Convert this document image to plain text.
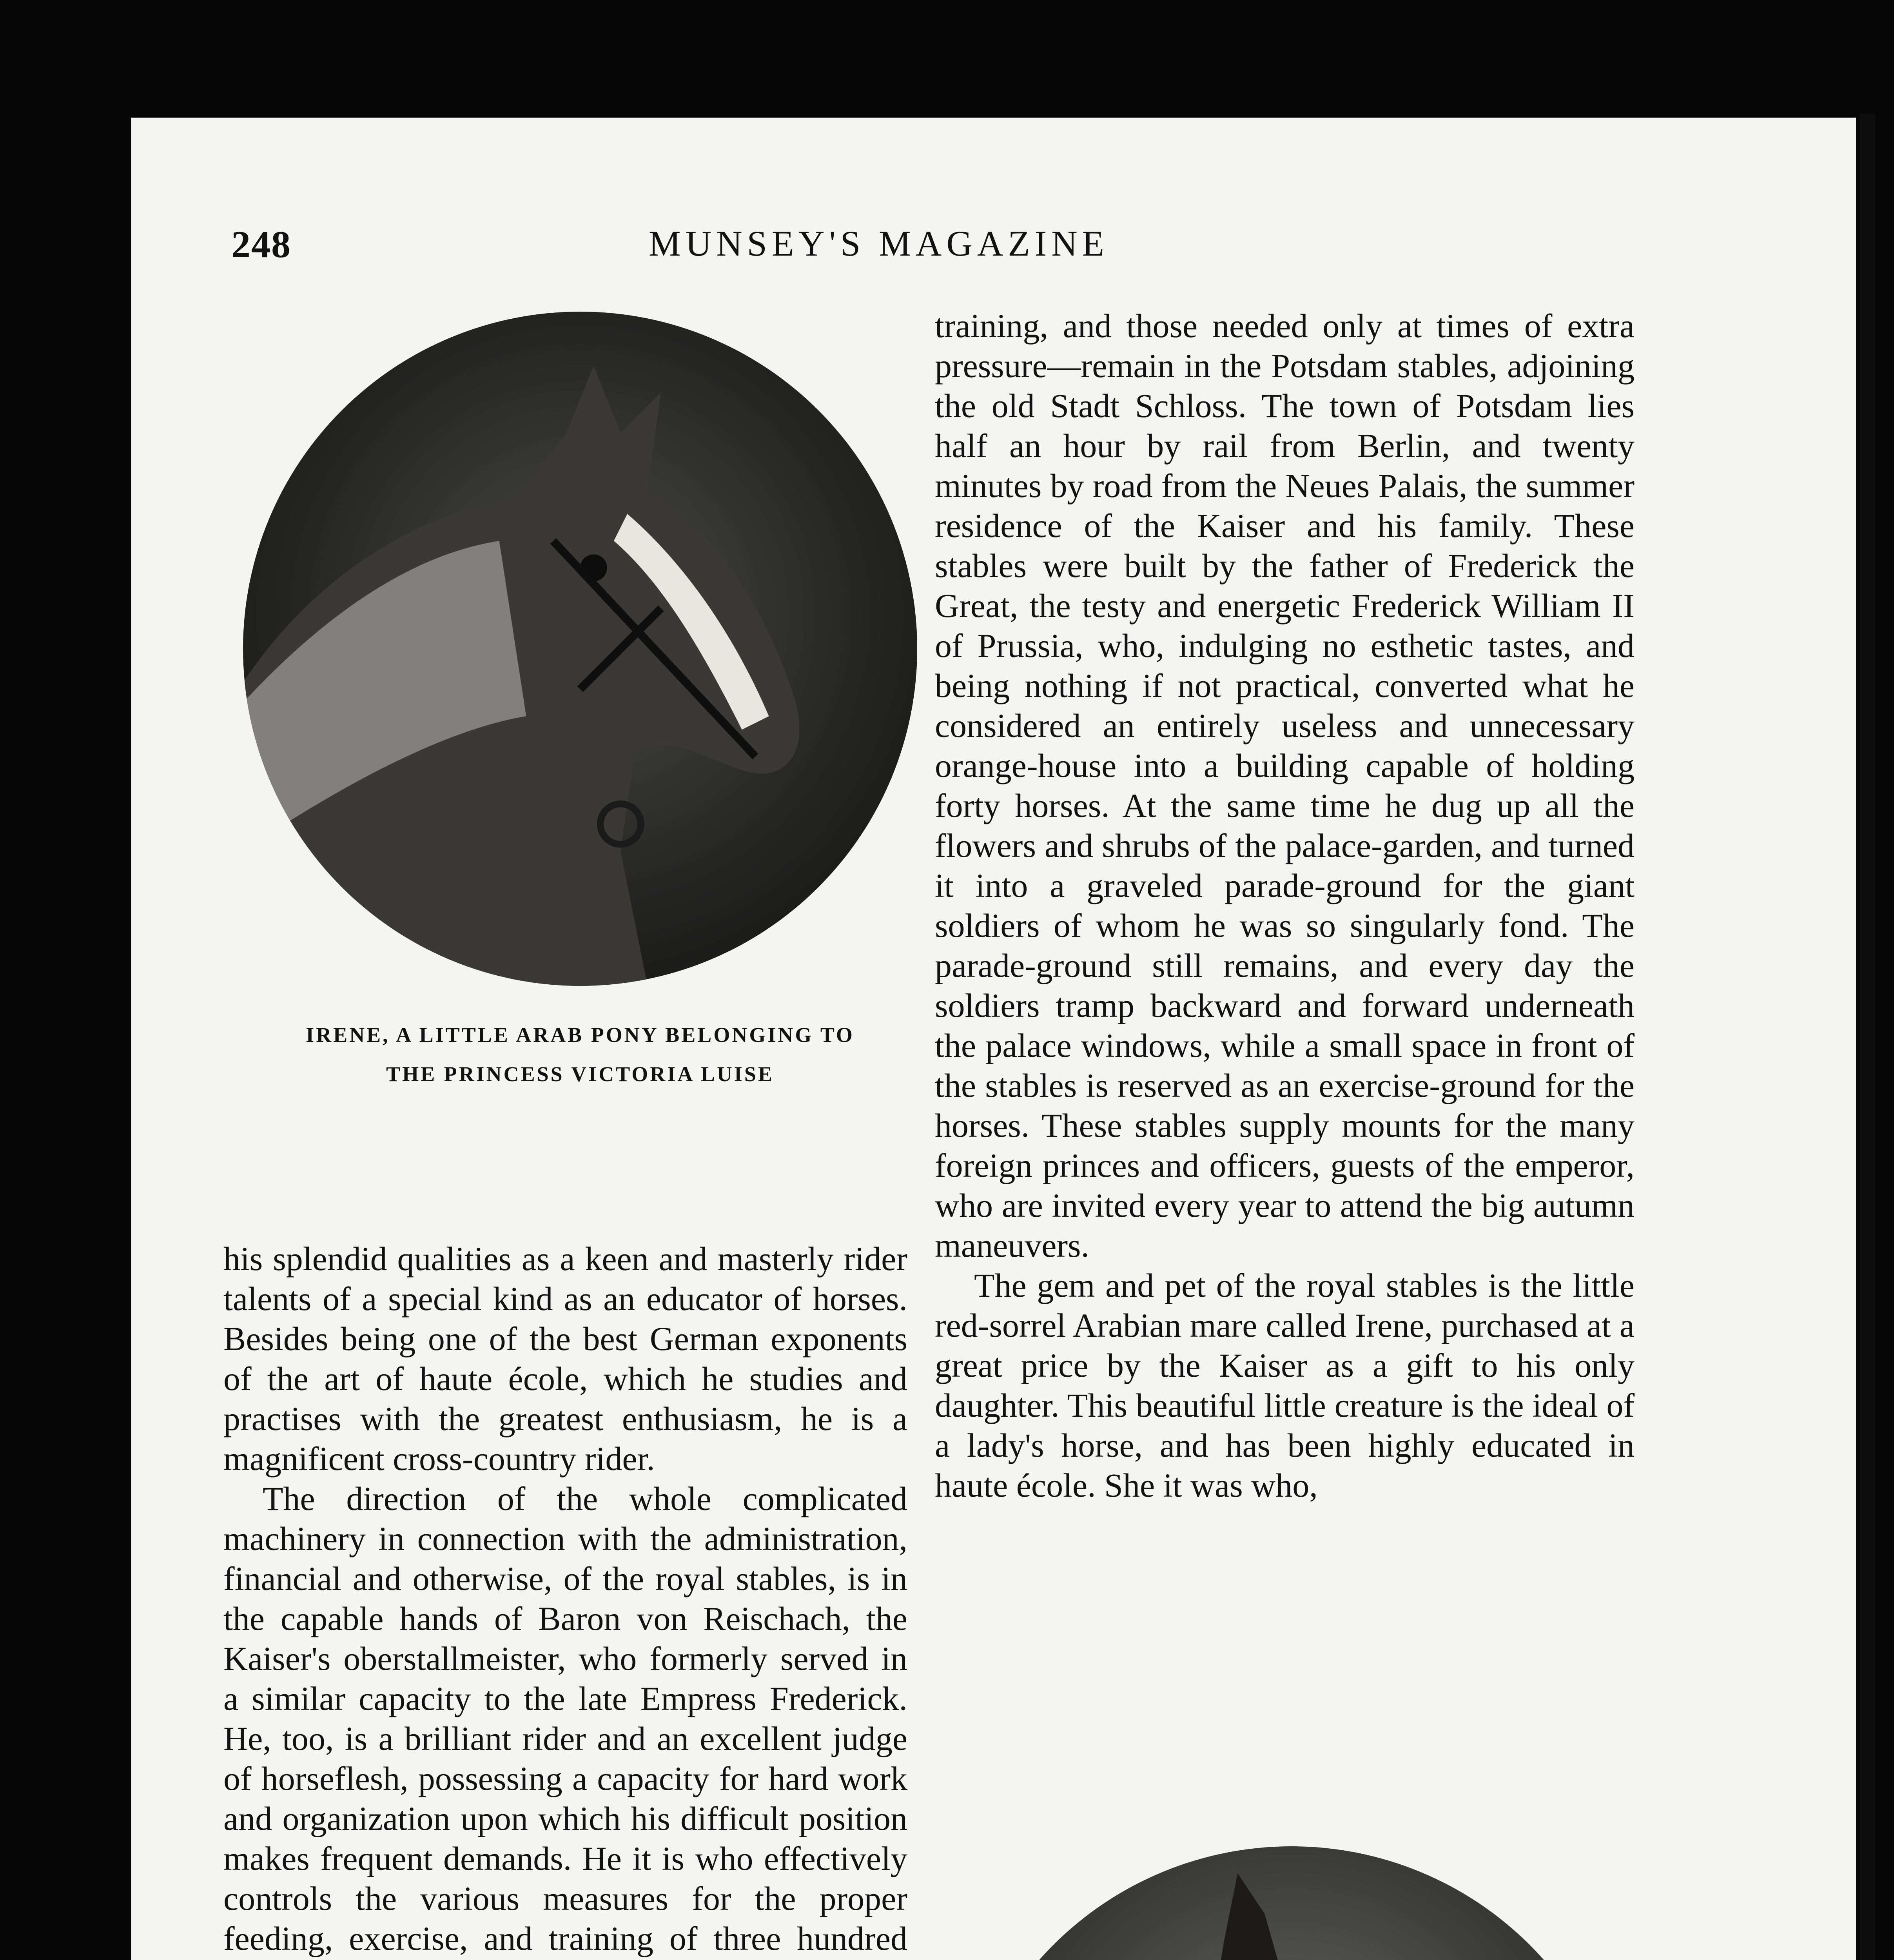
248	MUNSEY'S MAGAZINE
IRENE, A LITTLE ARAB PONY BELONGING TO
THE PRINCESS VICTORIA LUISE

his splendid qualities as a keen and masterly rider talents of a special kind as an educator of horses. Besides being one of the best German exponents of the art of haute école, which he studies and practises with the greatest enthusiasm, he is a magnificent cross-country rider.

The direction of the whole complicated machinery in connection with the administration, financial and otherwise, of the royal stables, is in the capable hands of Baron von Reischach, the Kaiser's oberstallmeister, who formerly served in a similar capacity to the late Empress Frederick. He, too, is a brilliant rider and an excellent judge of horseflesh, possessing a capacity for hard work and organization upon which his difficult position makes frequent demands. He it is who effectively controls the various measures for the proper feeding, exercise, and training of three hundred

training, and those needed only at times of extra pressure—remain in the Potsdam stables, adjoining the old Stadt Schloss. The town of Potsdam lies half an hour by rail from Berlin, and twenty minutes by road from the Neues Palais, the summer residence of the Kaiser and his family. These stables were built by the father of Frederick the Great, the testy and energetic Frederick William II of Prussia, who, indulging no esthetic tastes, and being nothing if not practical, converted what he considered an entirely useless and unnecessary orange-house into a building capable of holding forty horses. At the same time he dug up all the flowers and shrubs of the palace-garden, and turned it into a graveled parade-ground for the giant soldiers of whom he was so singularly fond. The parade-ground still remains, and every day the soldiers tramp backward and forward underneath the palace windows, while a small space in front of the stables is reserved as an exercise-ground for the horses. These stables supply mounts for the many foreign princes and officers, guests of the emperor, who are invited every year to attend the big autumn maneuvers.

The gem and pet of the royal stables is the little red-sorrel Arabian mare called Irene, purchased at a great price by the Kaiser as a gift to his only daughter. This beautiful little creature is the ideal of a lady's horse, and has been highly educated in haute école. She it was who,
